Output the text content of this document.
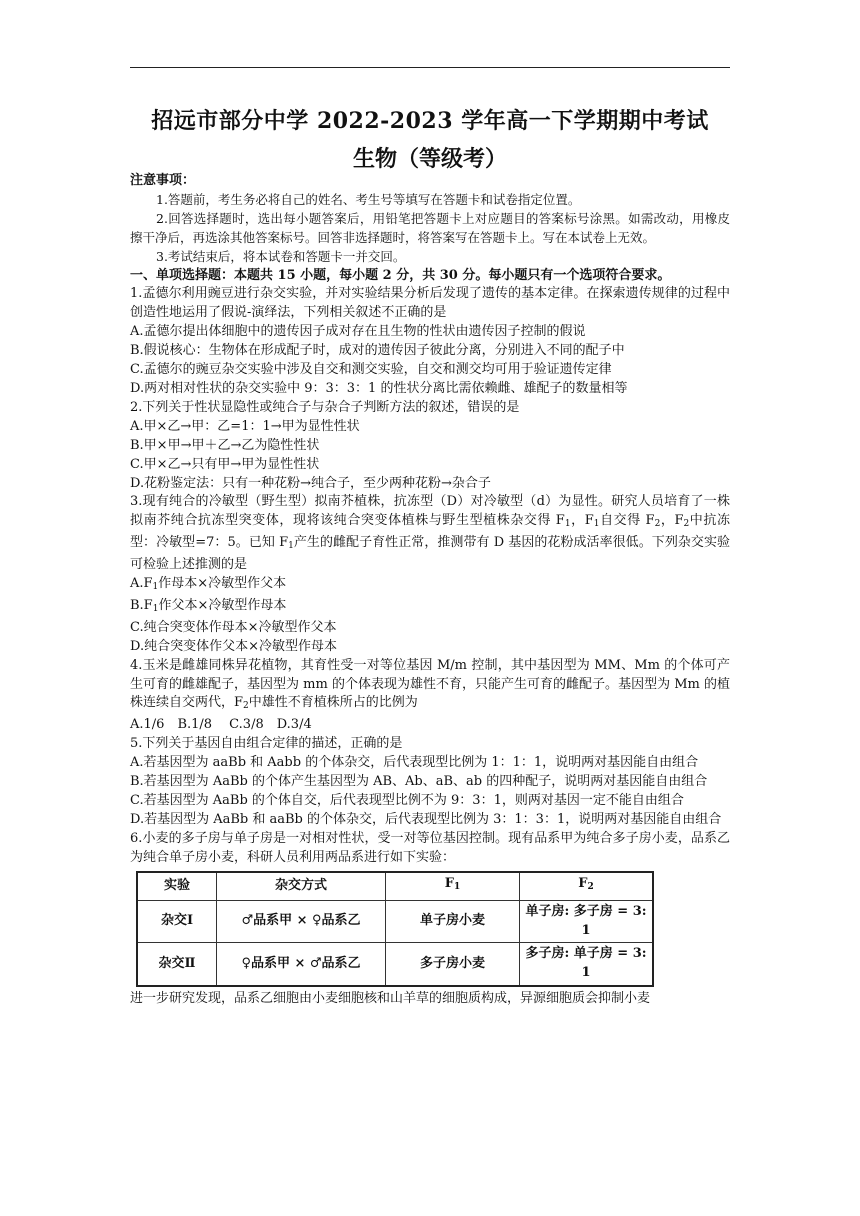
招远市部分中学 2022-2023 学年高一下学期期中考试
生物（等级考）

注意事项：

1.答题前，考生务必将自己的姓名、考生号等填写在答题卡和试卷指定位置。

2.回答选择题时，选出每小题答案后，用铅笔把答题卡上对应题目的答案标号涂黑。如需改动，用橡皮擦干净后，再选涂其他答案标号。回答非选择题时，将答案写在答题卡上。写在本试卷上无效。

3.考试结束后，将本试卷和答题卡一并交回。

一、单项选择题：本题共 15 小题，每小题 2 分，共 30 分。每小题只有一个选项符合要求。

1.孟德尔利用豌豆进行杂交实验，并对实验结果分析后发现了遗传的基本定律。在探索遗传规律的过程中创造性地运用了假说-演绎法，下列相关叙述不正确的是

A.孟德尔提出体细胞中的遗传因子成对存在且生物的性状由遗传因子控制的假说

B.假说核心：生物体在形成配子时，成对的遗传因子彼此分离，分别进入不同的配子中

C.孟德尔的豌豆杂交实验中涉及自交和测交实验，自交和测交均可用于验证遗传定律

D.两对相对性状的杂交实验中 9：3：3：1 的性状分离比需依赖雌、雄配子的数量相等

2.下列关于性状显隐性或纯合子与杂合子判断方法的叙述，错误的是

A.甲×乙→甲：乙=1：1→甲为显性性状

B.甲×甲→甲＋乙→乙为隐性性状

C.甲×乙→只有甲→甲为显性性状

D.花粉鉴定法：只有一种花粉→纯合子，至少两种花粉→杂合子

3.现有纯合的冷敏型（野生型）拟南芥植株，抗冻型（D）对冷敏型（d）为显性。研究人员培育了一株拟南芥纯合抗冻型突变体，现将该纯合突变体植株与野生型植株杂交得 $F_1$，$F_1$自交得 $F_2$，$F_2$中抗冻型：冷敏型=7：5。已知 $F_1$产生的雌配子育性正常，推测带有 D 基因的花粉成活率很低。下列杂交实验可检验上述推测的是

$A.F_1$作母本×冷敏型作父本

$B.F_1$作父本×冷敏型作母本

C.纯合突变体作母本×冷敏型作父本

D.纯合突变体作父本×冷敏型作母本

4.玉米是雌雄同株异花植物，其育性受一对等位基因 M/m 控制，其中基因型为 MM、Mm 的个体可产生可育的雌雄配子，基因型为 mm 的个体表现为雄性不育，只能产生可育的雌配子。基因型为 Mm 的植株连续自交两代，$F_2$中雄性不育植株所占的比例为

A.1/6　B.1/8　 C.3/8　D.3/4

5.下列关于基因自由组合定律的描述，正确的是

A.若基因型为 aaBb 和 Aabb 的个体杂交，后代表现型比例为 1：1：1，说明两对基因能自由组合

B.若基因型为 AaBb 的个体产生基因型为 AB、Ab、aB、ab 的四种配子，说明两对基因能自由组合

C.若基因型为 AaBb 的个体自交，后代表现型比例不为 9：3：1，则两对基因一定不能自由组合

D.若基因型为 AaBb 和 aaBb 的个体杂交，后代表现型比例为 3：1：3：1，说明两对基因能自由组合

6.小麦的多子房与单子房是一对相对性状，受一对等位基因控制。现有品系甲为纯合多子房小麦，品系乙为纯合单子房小麦，科研人员利用两品系进行如下实验：

实验	杂交方式	$F_1$	$F_2$
杂交Ⅰ	♂品系甲 × ♀品系乙	单子房小麦	单子房: 多子房 = 3: 1
杂交Ⅱ	♀品系甲 × ♂品系乙	多子房小麦	多子房: 单子房 = 3: 1

进一步研究发现，品系乙细胞由小麦细胞核和山羊草的细胞质构成，异源细胞质会抑制小麦
